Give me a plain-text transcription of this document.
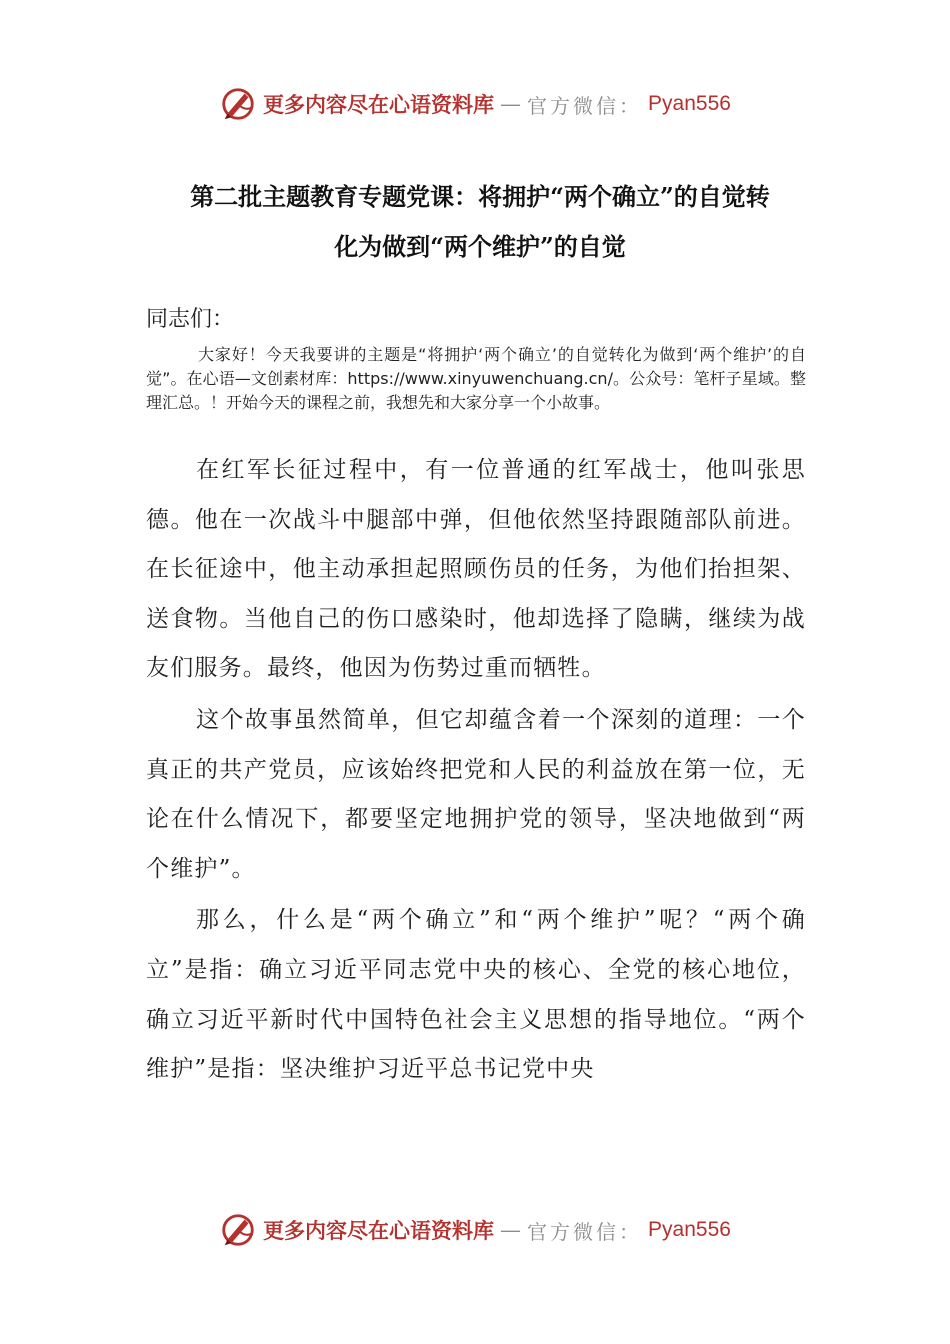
更多内容尽在心语资料库 — 官方微信： Pyan556
第二批主题教育专题党课：将拥护“两个确立”的自觉转
化为做到“两个维护”的自觉
同志们：
大家好！今天我要讲的主题是“将拥护‘两个确立’的自觉转化为做到‘两个维护’的自觉”。在心语—文创素材库：https://www.xinyuwenchuang.cn/。公众号：笔杆子星域。整理汇总。！开始今天的课程之前，我想先和大家分享一个小故事。

在红军长征过程中，有一位普通的红军战士，他叫张思德。他在一次战斗中腿部中弹，但他依然坚持跟随部队前进。在长征途中，他主动承担起照顾伤员的任务，为他们抬担架、送食物。当他自己的伤口感染时，他却选择了隐瞒，继续为战友们服务。最终，他因为伤势过重而牺牲。

这个故事虽然简单，但它却蕴含着一个深刻的道理：一个真正的共产党员，应该始终把党和人民的利益放在第一位，无论在什么情况下，都要坚定地拥护党的领导，坚决地做到“两个维护”。

那么，什么是“两个确立”和“两个维护”呢？“两个确立”是指：确立习近平同志党中央的核心、全党的核心地位，确立习近平新时代中国特色社会主义思想的指导地位。“两个维护”是指：坚决维护习近平总书记党中央

更多内容尽在心语资料库 — 官方微信： Pyan556
